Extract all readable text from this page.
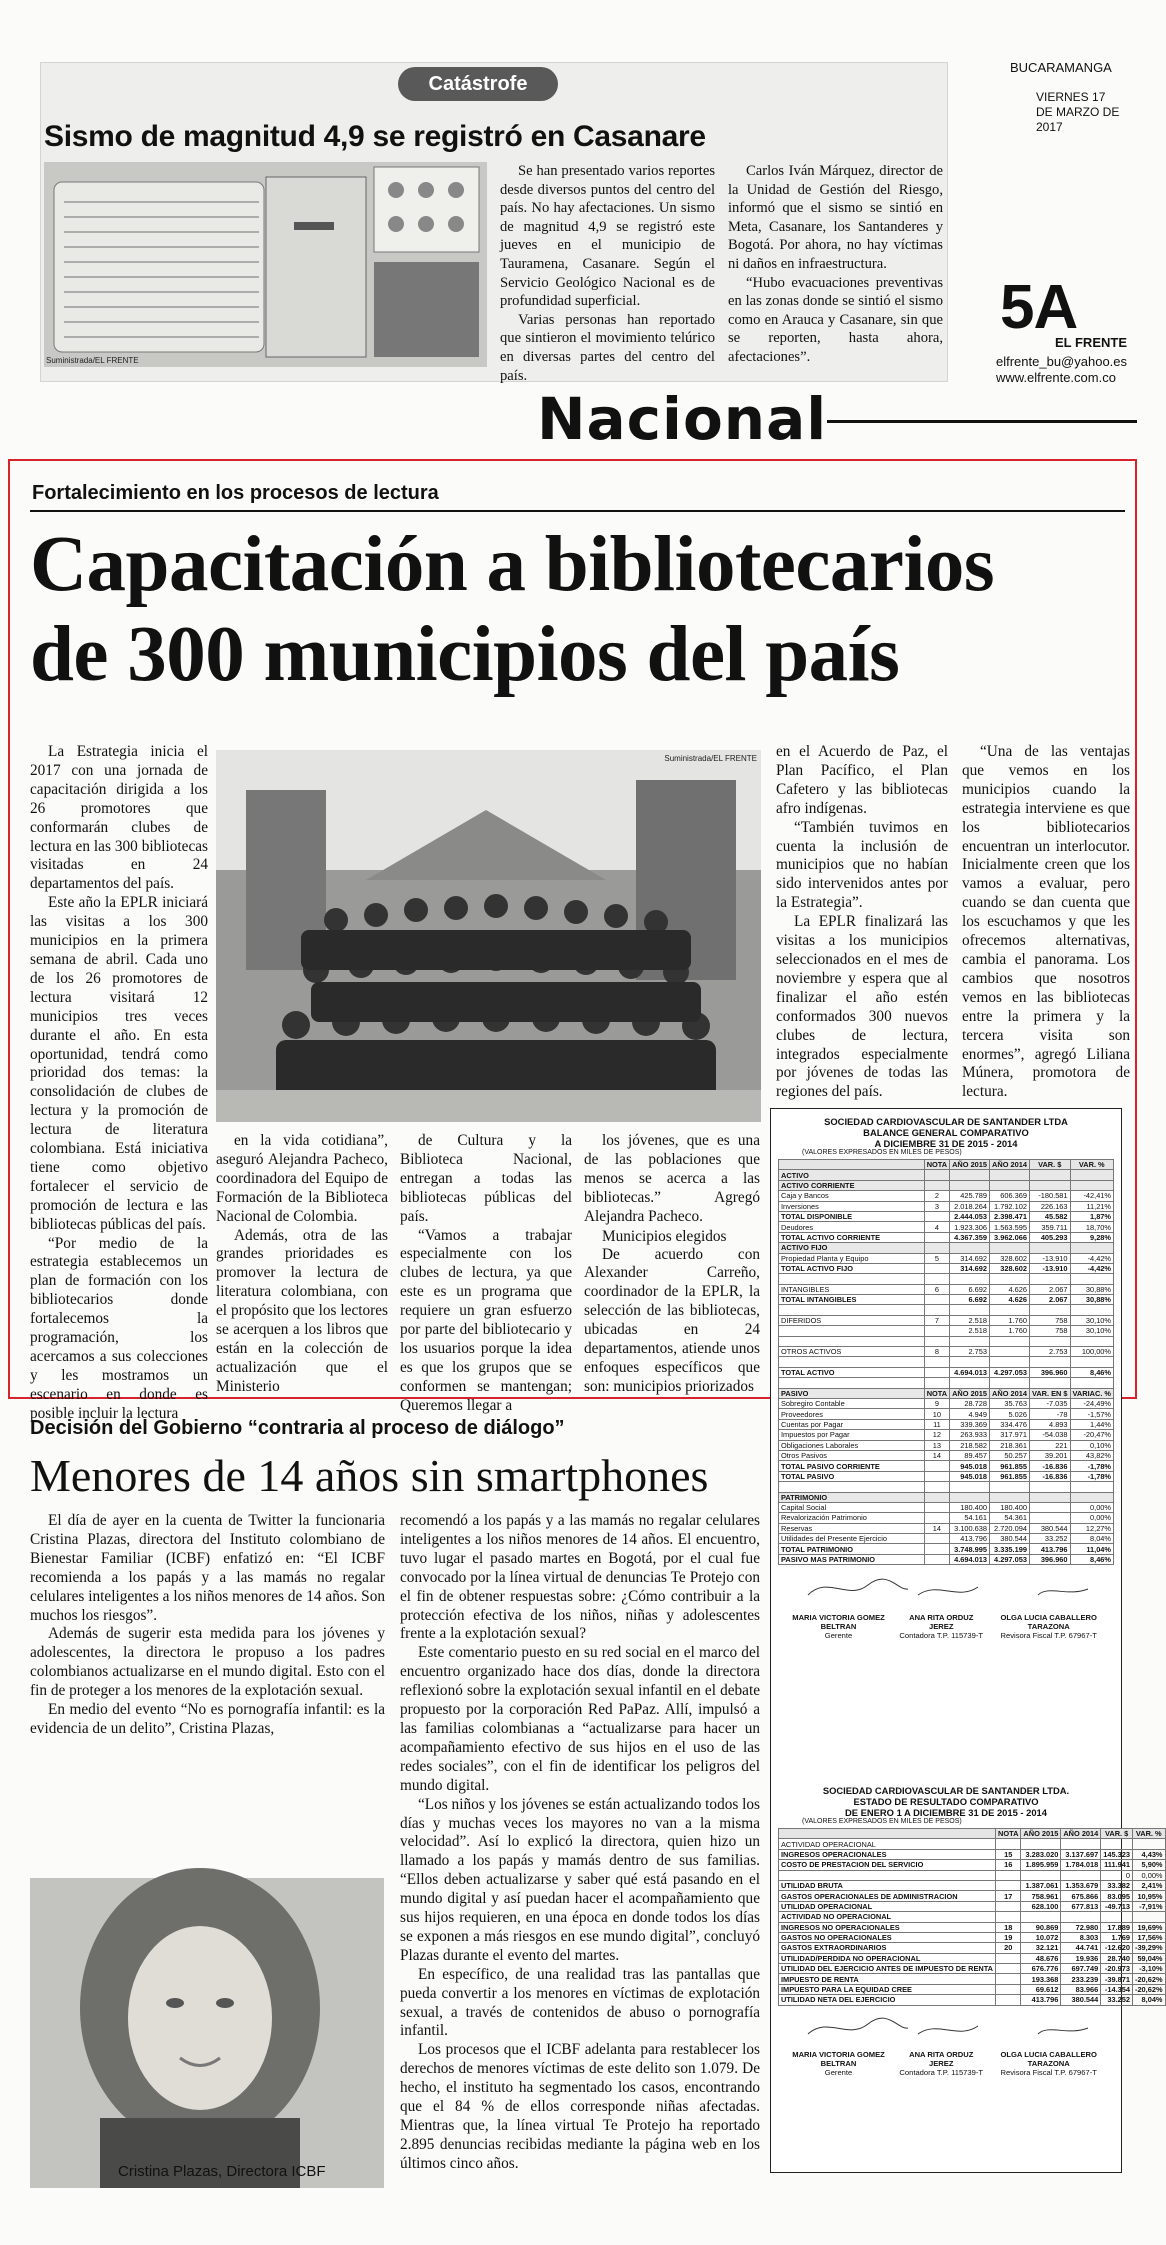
BUCARAMANGA
VIERNES 17
DE MARZO DE 2017
5A
EL FRENTE
elfrente_bu@yahoo.es
www.elfrente.com.co
Nacional
Catástrofe
Sismo de magnitud 4,9 se registró en Casanare
Suministrada/EL FRENTE

Se han presentado varios reportes desde diversos puntos del centro del país. No hay afectaciones. Un sismo de magnitud 4,9 se registró este jueves en el municipio de Tauramena, Casanare. Según el Servicio Geológico Nacional es de profundidad superficial.

Varias personas han reportado que sintieron el movimiento telúrico en diversas partes del centro del país.

Carlos Iván Márquez, director de la Unidad de Gestión del Riesgo, informó que el sismo se sintió en Meta, Casanare, los Santanderes y Bogotá. Por ahora, no hay víctimas ni daños en infraestructura.

“Hubo evacuaciones preventivas en las zonas donde se sintió el sismo como en Arauca y Casanare, sin que se reporten, hasta ahora, afectaciones”.

Fortalecimiento en los procesos de lectura
Capacitación a bibliotecarios
de 300 municipios del país

La Estrategia inicia el 2017 con una jornada de capacitación dirigida a los 26 promotores que conformarán clubes de lectura en las 300 bibliotecas visitadas en 24 departamentos del país.

Este año la EPLR iniciará las visitas a los 300 municipios en la primera semana de abril. Cada uno de los 26 promotores de lectura visitará 12 municipios tres veces durante el año. En esta oportunidad, tendrá como prioridad dos temas: la consolidación de clubes de lectura y la promoción de lectura de literatura colombiana. Está iniciativa tiene como objetivo fortalecer el servicio de promoción de lectura e las bibliotecas públicas del país.

“Por medio de la estrategia establecemos un plan de formación con los bibliotecarios donde fortalecemos la programación, los acercamos a sus colecciones y les mostramos un escenario en donde es posible incluir la lectura

Suministrada/EL FRENTE

en la vida cotidiana”, aseguró Alejandra Pacheco, coordinadora del Equipo de Formación de la Biblioteca Nacional de Colombia.

Además, otra de las grandes prioridades es promover la lectura de literatura colombiana, con el propósito que los lectores se acerquen a los libros que están en la colección de actualización que el Ministerio

de Cultura y la Biblioteca Nacional, entregan a todas las bibliotecas públicas del país.

“Vamos a trabajar especialmente con los clubes de lectura, ya que este es un programa que requiere un gran esfuerzo por parte del bibliotecario y los usuarios porque la idea es que los grupos que se conformen se mantengan; Queremos llegar a

los jóvenes, que es una de las poblaciones que menos se acerca a las bibliotecas.” Agregó Alejandra Pacheco.

Municipios elegidos

De acuerdo con Alexander Carreño, coordinador de la EPLR, la selección de las bibliotecas, ubicadas en 24 departamentos, atiende unos enfoques específicos que son: municipios priorizados

en el Acuerdo de Paz, el Plan Pacífico, el Plan Cafetero y las bibliotecas afro indígenas.

“También tuvimos en cuenta la inclusión de municipios que no habían sido intervenidos antes por la Estrategia”.

La EPLR finalizará las visitas a los municipios seleccionados en el mes de noviembre y espera que al finalizar el año estén conformados 300 nuevos clubes de lectura, integrados especialmente por jóvenes de todas las regiones del país.

“Una de las ventajas que vemos en los municipios cuando la estrategia interviene es que los bibliotecarios encuentran un interlocutor. Inicialmente creen que los vamos a evaluar, pero cuando se dan cuenta que los escuchamos y que les ofrecemos alternativas, cambia el panorama. Los cambios que nosotros vemos en las bibliotecas entre la primera y la tercera visita son enormes”, agregó Liliana Múnera, promotora de lectura.

Decisión del Gobierno “contraria al proceso de diálogo”
Menores de 14 años sin smartphones

El día de ayer en la cuenta de Twitter la funcionaria Cristina Plazas, directora del Instituto colombiano de Bienestar Familiar (ICBF) enfatizó en: “El ICBF recomienda a los papás y a las mamás no regalar celulares inteligentes a los niños menores de 14 años. Son muchos los riesgos”.

Además de sugerir esta medida para los jóvenes y adolescentes, la directora le propuso a los padres colombianos actualizarse en el mundo digital. Esto con el fin de proteger a los menores de la explotación sexual.

En medio del evento “No es pornografía infantil: es la evidencia de un delito”, Cristina Plazas,

Cristina Plazas, Directora ICBF

recomendó a los papás y a las mamás no regalar celulares inteligentes a los niños menores de 14 años. El encuentro, tuvo lugar el pasado martes en Bogotá, por el cual fue convocado por la línea virtual de denuncias Te Protejo con el fin de obtener respuestas sobre: ¿Cómo contribuir a la protección efectiva de los niños, niñas y adolescentes frente a la explotación sexual?

Este comentario puesto en su red social en el marco del encuentro organizado hace dos días, donde la directora reflexionó sobre la explotación sexual infantil en el debate propuesto por la corporación Red PaPaz. Allí, impulsó a las familias colombianas a “actualizarse para hacer un acompañamiento efectivo de sus hijos en el uso de las redes sociales”, con el fin de identificar los peligros del mundo digital.

“Los niños y los jóvenes se están actualizando todos los días y muchas veces los mayores no van a la misma velocidad”. Así lo explicó la directora, quien hizo un llamado a los papás y mamás dentro de sus familias. “Ellos deben actualizarse y saber qué está pasando en el mundo digital y así puedan hacer el acompañamiento que sus hijos requieren, en una época en donde todos los días se exponen a más riesgos en ese mundo digital”, concluyó Plazas durante el evento del martes.

En específico, de una realidad tras las pantallas que pueda convertir a los menores en víctimas de explotación sexual, a través de contenidos de abuso o pornografía infantil.

Los procesos que el ICBF adelanta para restablecer los derechos de menores víctimas de este delito son 1.079. De hecho, el instituto ha segmentado los casos, encontrando que el 84 % de ellos corresponde niñas afectadas. Mientras que, la línea virtual Te Protejo ha reportado 2.895 denuncias recibidas mediante la página web en los últimos cinco años.

SOCIEDAD CARDIOVASCULAR DE SANTANDER LTDA
BALANCE GENERAL COMPARATIVO
A DICIEMBRE 31 DE 2015 - 2014
(VALORES EXPRESADOS EN MILES DE PESOS)
	NOTA	AÑO 2015	AÑO 2014	VAR. $	VAR. %
ACTIVO					
ACTIVO CORRIENTE					
Caja y Bancos	2	425.789	606.369	-180.581	-42,41%
Inversiones	3	2.018.264	1.792.102	226.163	11,21%
TOTAL DISPONIBLE		2.444.053	2.398.471	45.582	1,87%
Deudores	4	1.923.306	1.563.595	359.711	18,70%
TOTAL ACTIVO CORRIENTE		4.367.359	3.962.066	405.293	9,28%
ACTIVO FIJO					
Propiedad Planta y Equipo	5	314.692	328.602	-13.910	-4,42%
TOTAL ACTIVO FIJO		314.692	328.602	-13.910	-4,42%

INTANGIBLES	6	6.692	4.626	2.067	30,88%
TOTAL INTANGIBLES		6.692	4.626	2.067	30,88%

DIFERIDOS	7	2.518	1.760	758	30,10%
		2.518	1.760	758	30,10%

OTROS ACTIVOS	8	2.753		2.753	100,00%

TOTAL ACTIVO		4.694.013	4.297.053	396.960	8,46%

PASIVO	NOTA	AÑO 2015	AÑO 2014	VAR. EN $	VARIAC. %
Sobregiro Contable	9	28.728	35.763	-7.035	-24,49%
Proveedores	10	4.949	5.026	-78	-1,57%
Cuentas por Pagar	11	339.369	334.476	4.893	1,44%
Impuestos por Pagar	12	263.933	317.971	-54.038	-20,47%
Obligaciones Laborales	13	218.582	218.361	221	0,10%
Otros Pasivos	14	89.457	50.257	39.201	43,82%
TOTAL PASIVO CORRIENTE		945.018	961.855	-16.836	-1,78%
TOTAL PASIVO		945.018	961.855	-16.836	-1,78%

PATRIMONIO					
Capital Social		180.400	180.400		0,00%
Revalorización Patrimonio		54.161	54.361		0,00%
Reservas	14	3.100.638	2.720.094	380.544	12,27%
Utilidades del Presente Ejercicio		413.796	380.544	33.252	8,04%
TOTAL PATRIMONIO		3.748.995	3.335.199	413.796	11,04%
PASIVO MAS PATRIMONIO		4.694.013	4.297.053	396.960	8,46%
MARIA VICTORIA GOMEZ BELTRAN
Gerente
ANA RITA ORDUZ JEREZ
Contadora T.P. 115739-T
OLGA LUCIA CABALLERO TARAZONA
Revisora Fiscal T.P. 67967-T
SOCIEDAD CARDIOVASCULAR DE SANTANDER LTDA.
ESTADO DE RESULTADO COMPARATIVO
DE ENERO 1 A DICIEMBRE 31 DE 2015 - 2014
(VALORES EXPRESADOS EN MILES DE PESOS)
	NOTA	AÑO 2015	AÑO 2014	VAR. $	VAR. %
ACTIVIDAD OPERACIONAL					
INGRESOS OPERACIONALES	15	3.283.020	3.137.697	145.323	4,43%
COSTO DE PRESTACION DEL SERVICIO	16	1.895.959	1.784.018	111.941	5,90%
				0	0,00%
UTILIDAD BRUTA		1.387.061	1.353.679	33.382	2,41%
GASTOS OPERACIONALES DE ADMINISTRACION	17	758.961	675.866	83.095	10,95%
UTILIDAD OPERACIONAL		628.100	677.813	-49.713	-7,91%
ACTIVIDAD NO OPERACIONAL					
INGRESOS NO OPERACIONALES	18	90.869	72.980	17.889	19,69%
GASTOS NO OPERACIONALES	19	10.072	8.303	1.769	17,56%
GASTOS EXTRAORDINARIOS	20	32.121	44.741	-12.620	-39,29%
UTILIDAD/PERDIDA NO OPERACIONAL		48.676	19.936	28.740	59,04%
UTILIDAD DEL EJERCICIO ANTES DE IMPUESTO DE RENTA		676.776	697.749	-20.973	-3,10%
IMPUESTO DE RENTA		193.368	233.239	-39.871	-20,62%
IMPUESTO PARA LA EQUIDAD CREE		69.612	83.966	-14.354	-20,62%
UTILIDAD NETA DEL EJERCICIO		413.796	380.544	33.252	8,04%
MARIA VICTORIA GOMEZ BELTRAN
Gerente
ANA RITA ORDUZ JEREZ
Contadora T.P. 115739-T
OLGA LUCIA CABALLERO TARAZONA
Revisora Fiscal T.P. 67967-T
